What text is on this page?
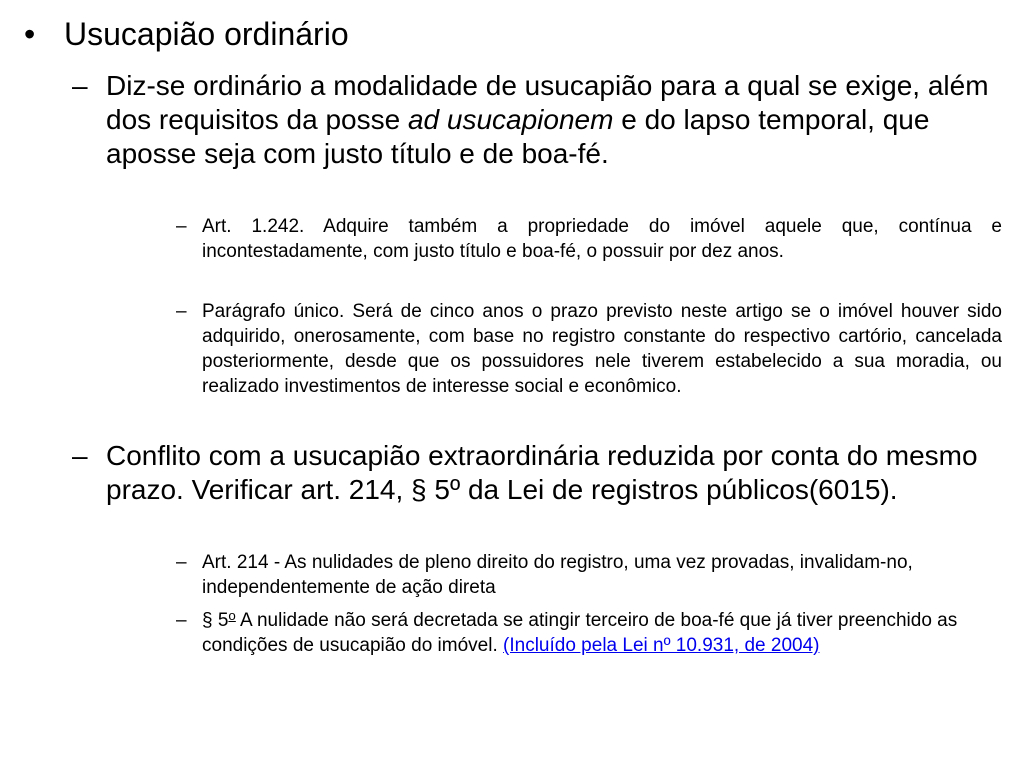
• Usucapião ordinário
– Diz-se ordinário a modalidade de usucapião para a qual se exige, além dos requisitos da posse ad usucapionem e do lapso temporal, que aposse seja com justo título e de boa-fé.
– Art. 1.242. Adquire também a propriedade do imóvel aquele que, contínua e incontestadamente, com justo título e boa-fé, o possuir por dez anos.
– Parágrafo único. Será de cinco anos o prazo previsto neste artigo se o imóvel houver sido adquirido, onerosamente, com base no registro constante do respectivo cartório, cancelada posteriormente, desde que os possuidores nele tiverem estabelecido a sua moradia, ou realizado investimentos de interesse social e econômico.
– Conflito com a usucapião extraordinária reduzida por conta do mesmo prazo. Verificar art. 214, § 5º da Lei de registros públicos(6015).
– Art. 214 - As nulidades de pleno direito do registro, uma vez provadas, invalidam-no, independentemente de ação direta
– § 5$^o$ A nulidade não será decretada se atingir terceiro de boa-fé que já tiver preenchido as condições de usucapião do imóvel. (Incluído pela Lei nº 10.931, de 2004)
